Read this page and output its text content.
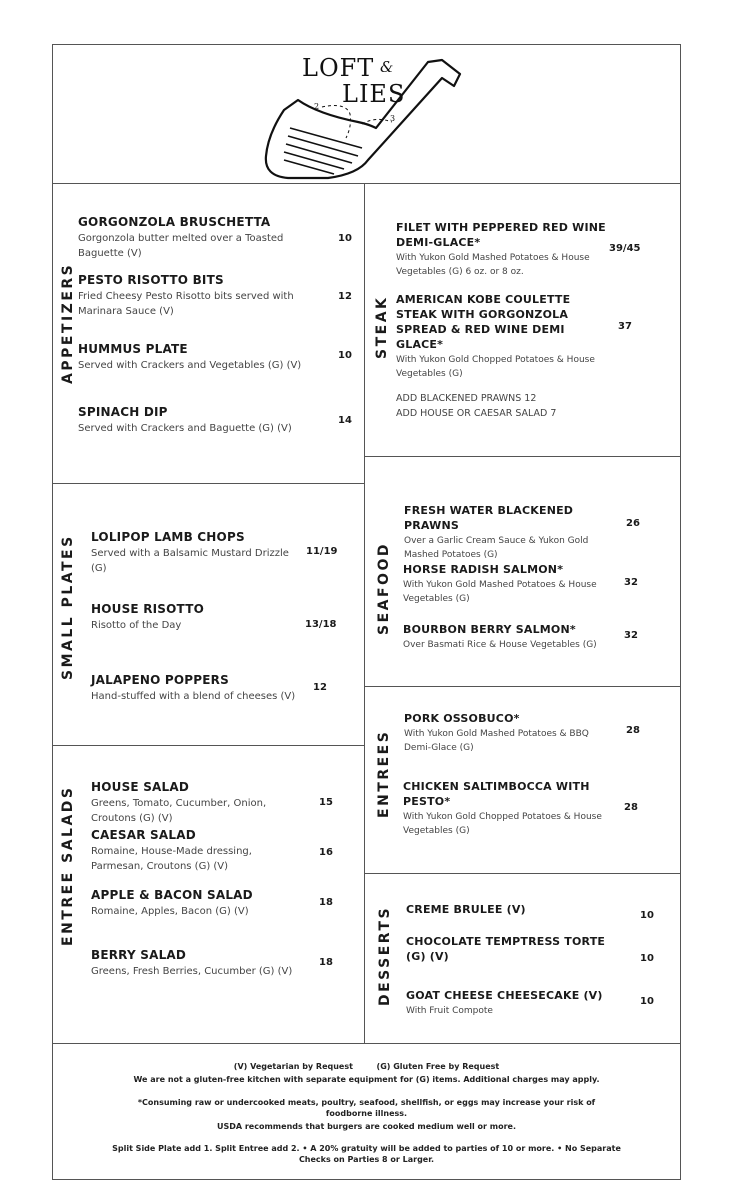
LOFT &
LIES
2
3
APPETIZERS
GORGONZOLA BRUSCHETTA
Gorgonzola butter melted over a Toasted Baguette (V)
10
PESTO RISOTTO BITS
Fried Cheesy Pesto Risotto bits served with Marinara Sauce (V)
12
HUMMUS PLATE
Served with Crackers and Vegetables (G) (V)
10
SPINACH DIP
Served with Crackers and Baguette (G) (V)
14
STEAK
FILET WITH PEPPERED RED WINE DEMI-GLACE*
With Yukon Gold Mashed Potatoes & House Vegetables (G) 6 oz. or 8 oz.
39/45
AMERICAN KOBE COULETTE STEAK WITH GORGONZOLA SPREAD & RED WINE DEMI GLACE*
With Yukon Gold Chopped Potatoes & House Vegetables (G)
37
ADD BLACKENED PRAWNS 12
ADD HOUSE OR CAESAR SALAD 7
SMALL PLATES LOLIPOP LAMB CHOPS
Served with a Balsamic Mustard Drizzle (G)
11/19
HOUSE RISOTTO
Risotto of the Day	13/18
JALAPENO POPPERS
Hand-stuffed with a blend of cheeses (V)
12
SEAFOOD
FRESH WATER BLACKENED PRAWNS
Over a Garlic Cream Sauce & Yukon Gold Mashed Potatoes (G)
26
HORSE RADISH SALMON*
With Yukon Gold Mashed Potatoes & House Vegetables (G)
32
BOURBON BERRY SALMON*
Over Basmati Rice & House Vegetables (G)
32
ENTREE SALADS HOUSE SALAD
Greens, Tomato, Cucumber, Onion, Croutons (G) (V)
15
CAESAR SALAD
Romaine, House-Made dressing, Parmesan, Croutons (G) (V)
16
APPLE & BACON SALAD
Romaine, Apples, Bacon (G) (V)
18
BERRY SALAD
Greens, Fresh Berries, Cucumber (G) (V)
18
ENTREES
PORK OSSOBUCO*
With Yukon Gold Mashed Potatoes & BBQ Demi-Glace (G)
28
CHICKEN SALTIMBOCCA WITH PESTO*
With Yukon Gold Chopped Potatoes & House Vegetables (G)
28
DESSERTS CREME BRULEE (V)	10
CHOCOLATE TEMPTRESS TORTE (G) (V)	10
GOAT CHEESE CHEESECAKE (V)
With Fruit Compote
10
(V) Vegetarian by Request	(G) Gluten Free by Request
We are not a gluten-free kitchen with separate equipment for (G) items. Additional charges may apply.
*Consuming raw or undercooked meats, poultry, seafood, shellfish, or eggs may increase your risk of foodborne illness.
USDA recommends that burgers are cooked medium well or more.
Split Side Plate add 1. Split Entree add 2. • A 20% gratuity will be added to parties of 10 or more. • No Separate Checks on Parties 8 or Larger.
